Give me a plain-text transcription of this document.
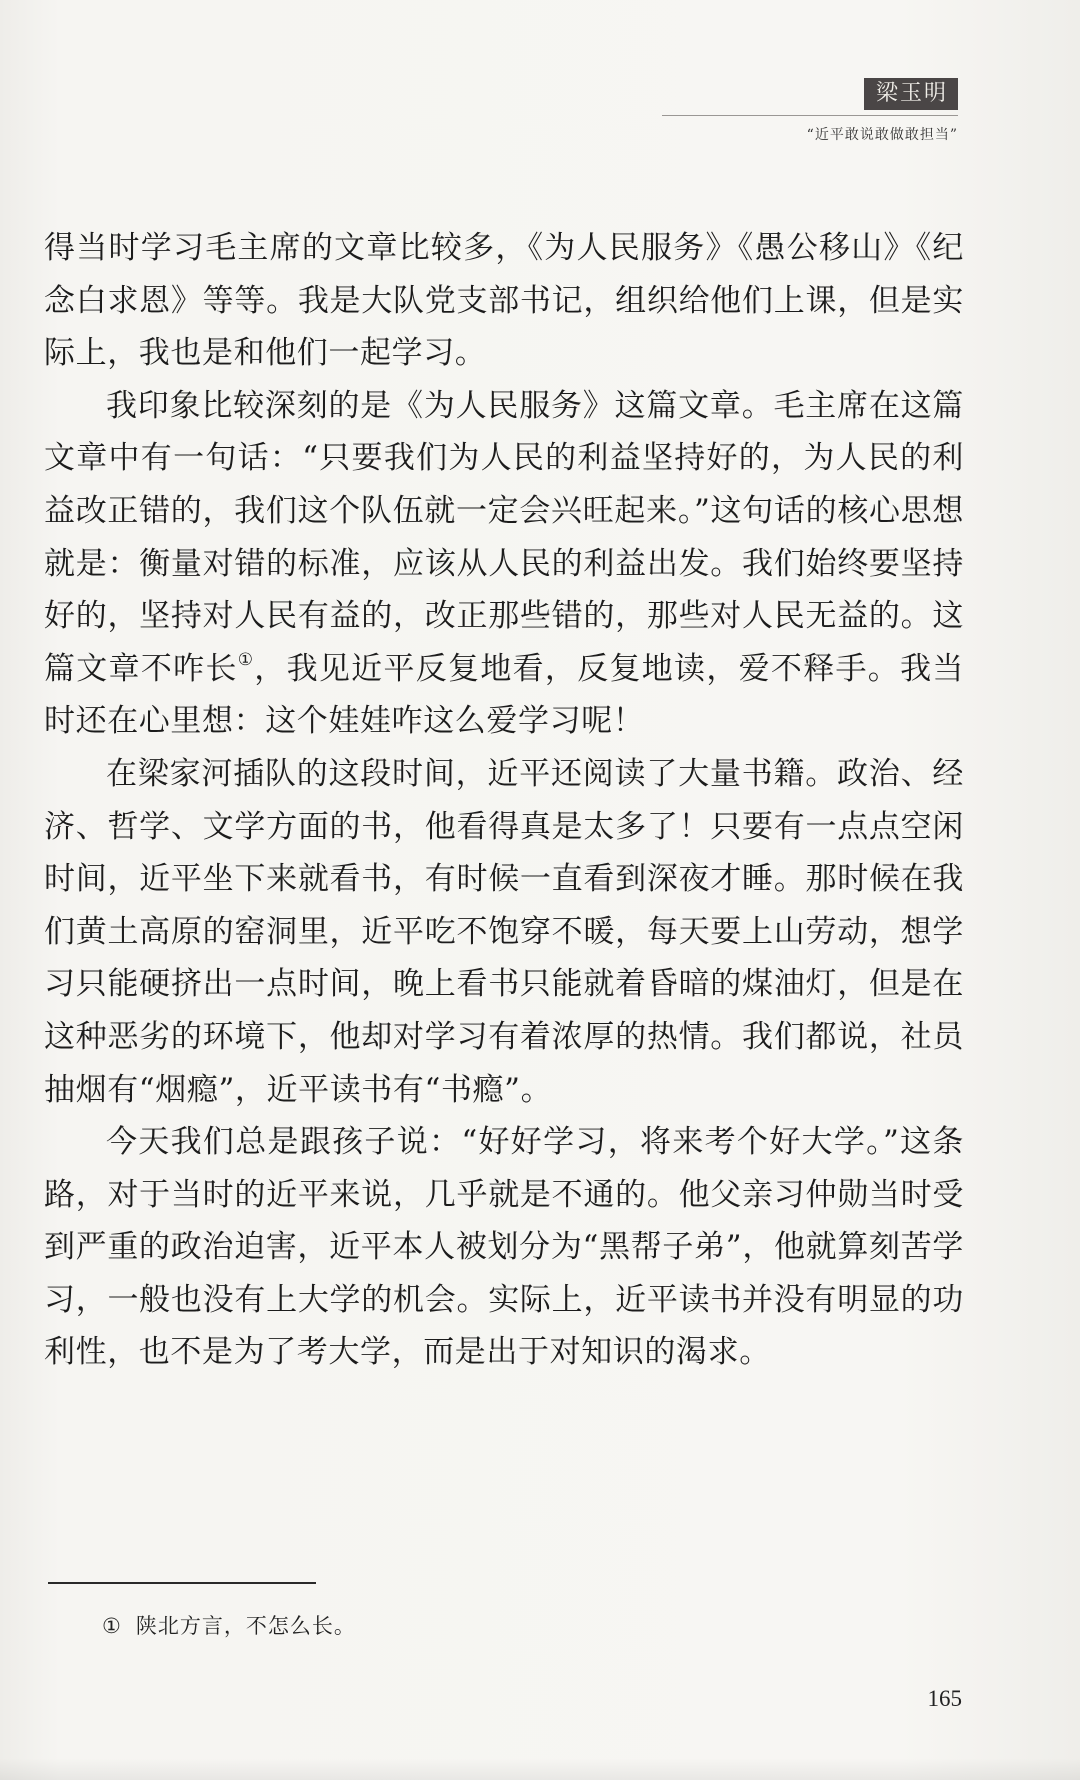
梁玉明
“近平敢说敢做敢担当”

得当时学习毛主席的文章比较多，《为人民服务》《愚公移山》《纪念白求恩》等等。我是大队党支部书记，组织给他们上课，但是实际上，我也是和他们一起学习。

我印象比较深刻的是《为人民服务》这篇文章。毛主席在这篇文章中有一句话：“只要我们为人民的利益坚持好的，为人民的利益改正错的，我们这个队伍就一定会兴旺起来。”这句话的核心思想就是：衡量对错的标准，应该从人民的利益出发。我们始终要坚持好的，坚持对人民有益的，改正那些错的，那些对人民无益的。这篇文章不咋长①，我见近平反复地看，反复地读，爱不释手。我当时还在心里想：这个娃娃咋这么爱学习呢！

在梁家河插队的这段时间，近平还阅读了大量书籍。政治、经济、哲学、文学方面的书，他看得真是太多了！只要有一点点空闲时间，近平坐下来就看书，有时候一直看到深夜才睡。那时候在我们黄土高原的窑洞里，近平吃不饱穿不暖，每天要上山劳动，想学习只能硬挤出一点时间，晚上看书只能就着昏暗的煤油灯，但是在这种恶劣的环境下，他却对学习有着浓厚的热情。我们都说，社员抽烟有“烟瘾”，近平读书有“书瘾”。

今天我们总是跟孩子说：“好好学习，将来考个好大学。”这条路，对于当时的近平来说，几乎就是不通的。他父亲习仲勋当时受到严重的政治迫害，近平本人被划分为“黑帮子弟”，他就算刻苦学习，一般也没有上大学的机会。实际上，近平读书并没有明显的功利性，也不是为了考大学，而是出于对知识的渴求。

① 陕北方言，不怎么长。
165
